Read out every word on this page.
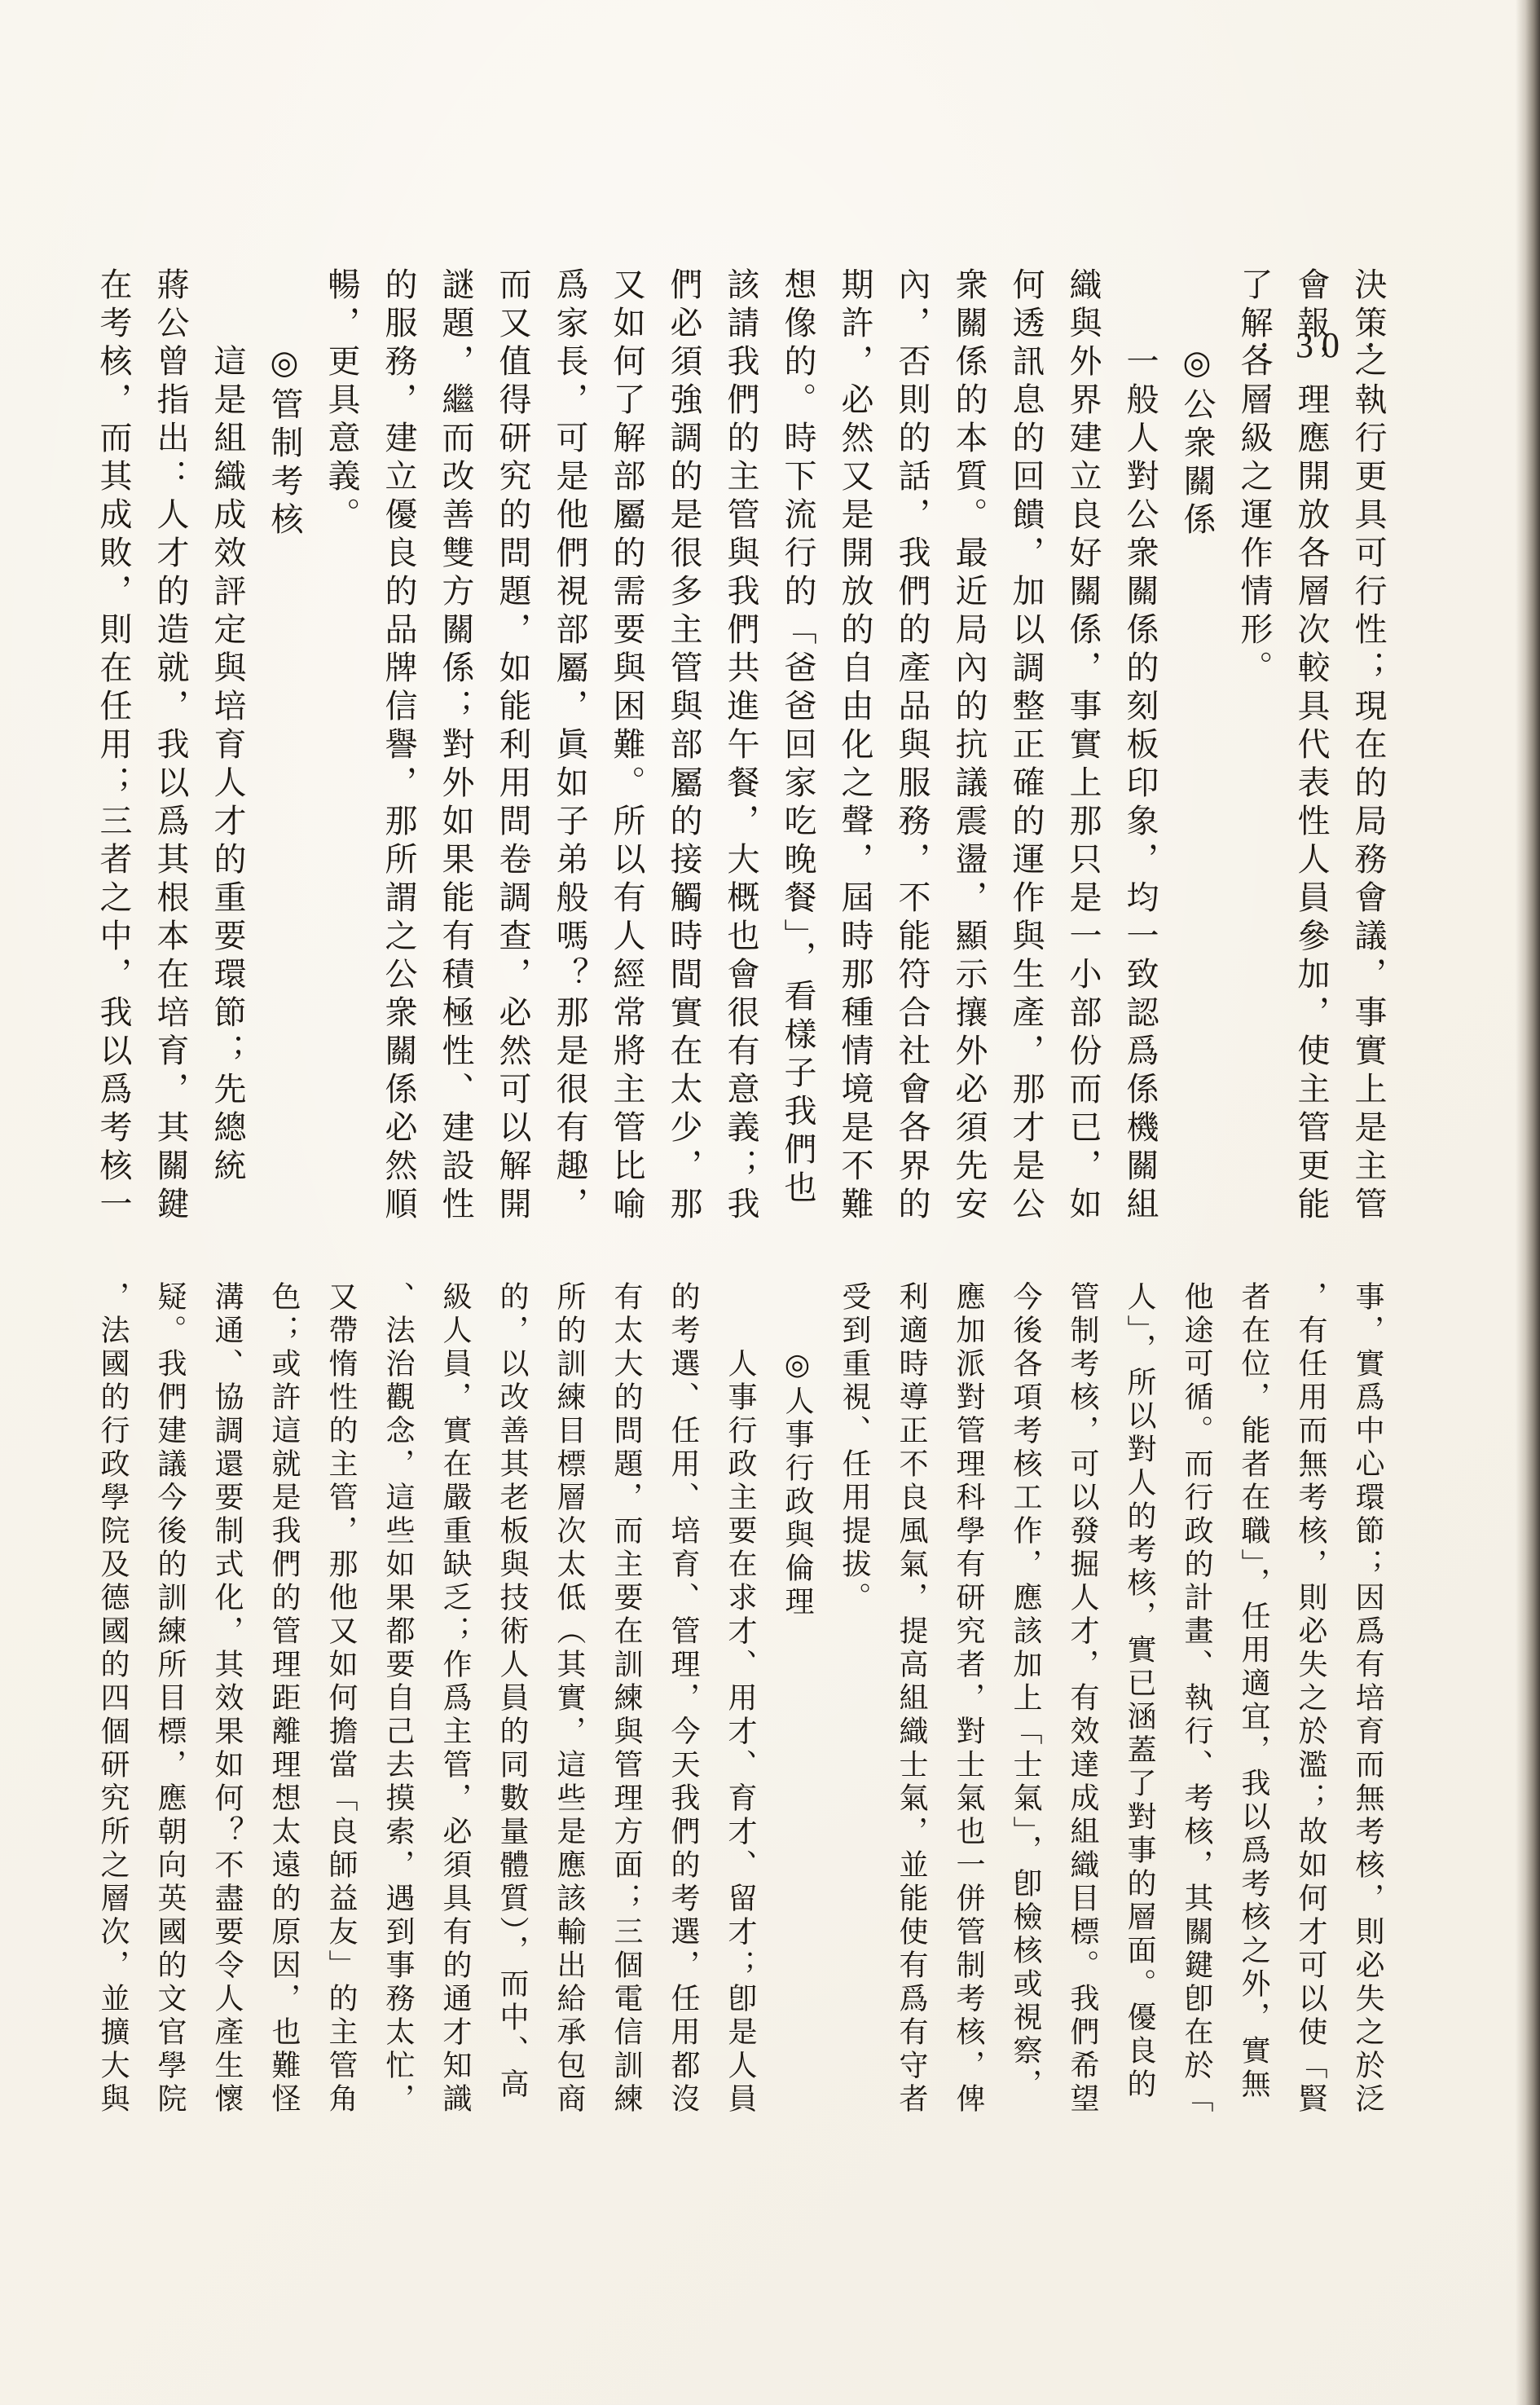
· 30 ·
決策之執行更具可行性；現在的局務會議，事實上是主管
會報，理應開放各層次較具代表性人員參加，使主管更能
了解各層級之運作情形。
◎公衆關係
一般人對公衆關係的刻板印象，均一致認爲係機關組
織與外界建立良好關係，事實上那只是一小部份而已，如
何透訊息的回饋，加以調整正確的運作與生產，那才是公
衆關係的本質。最近局內的抗議震盪，顯示攘外必須先安
內，否則的話，我們的產品與服務，不能符合社會各界的
期許，必然又是開放的自由化之聲，屆時那種情境是不難
想像的。時下流行的「爸爸回家吃晚餐」，看樣子我們也
該請我們的主管與我們共進午餐，大概也會很有意義；我
們必須強調的是很多主管與部屬的接觸時間實在太少，那
又如何了解部屬的需要與困難。所以有人經常將主管比喻
爲家長，可是他們視部屬，眞如子弟般嗎？那是很有趣，
而又值得研究的問題，如能利用問卷調查，必然可以解開
謎題，繼而改善雙方關係；對外如果能有積極性、建設性
的服務，建立優良的品牌信譽，那所謂之公衆關係必然順
暢，更具意義。
◎管制考核
這是組織成效評定與培育人才的重要環節；先總統
蔣公曾指出：人才的造就，我以爲其根本在培育，其關鍵
在考核，而其成敗，則在任用；三者之中，我以爲考核一
事，實爲中心環節；因爲有培育而無考核，則必失之於泛
，有任用而無考核，則必失之於濫；故如何才可以使「賢
者在位，能者在職」，任用適宜，我以爲考核之外，實無
他途可循。而行政的計畫、執行、考核，其關鍵卽在於「
人」，所以對人的考核，實已涵蓋了對事的層面。優良的
管制考核，可以發掘人才，有效達成組織目標。我們希望
今後各項考核工作，應該加上「士氣」，卽檢核或視察，
應加派對管理科學有研究者，對士氣也一併管制考核，俾
利適時導正不良風氣，提高組織士氣，並能使有爲有守者
受到重視、任用提拔。
◎人事行政與倫理
人事行政主要在求才、用才、育才、留才；卽是人員
的考選、任用、培育、管理，今天我們的考選，任用都沒
有太大的問題，而主要在訓練與管理方面；三個電信訓練
所的訓練目標層次太低（其實，這些是應該輸出給承包商
的，以改善其老板與技術人員的同數量體質），而中、高
級人員，實在嚴重缺乏；作爲主管，必須具有的通才知識
、法治觀念，這些如果都要自己去摸索，遇到事務太忙，
又帶惰性的主管，那他又如何擔當「良師益友」的主管角
色；或許這就是我們的管理距離理想太遠的原因，也難怪
溝通、協調還要制式化，其效果如何？不盡要令人產生懷
疑。我們建議今後的訓練所目標，應朝向英國的文官學院
，法國的行政學院及德國的四個研究所之層次，並擴大與
